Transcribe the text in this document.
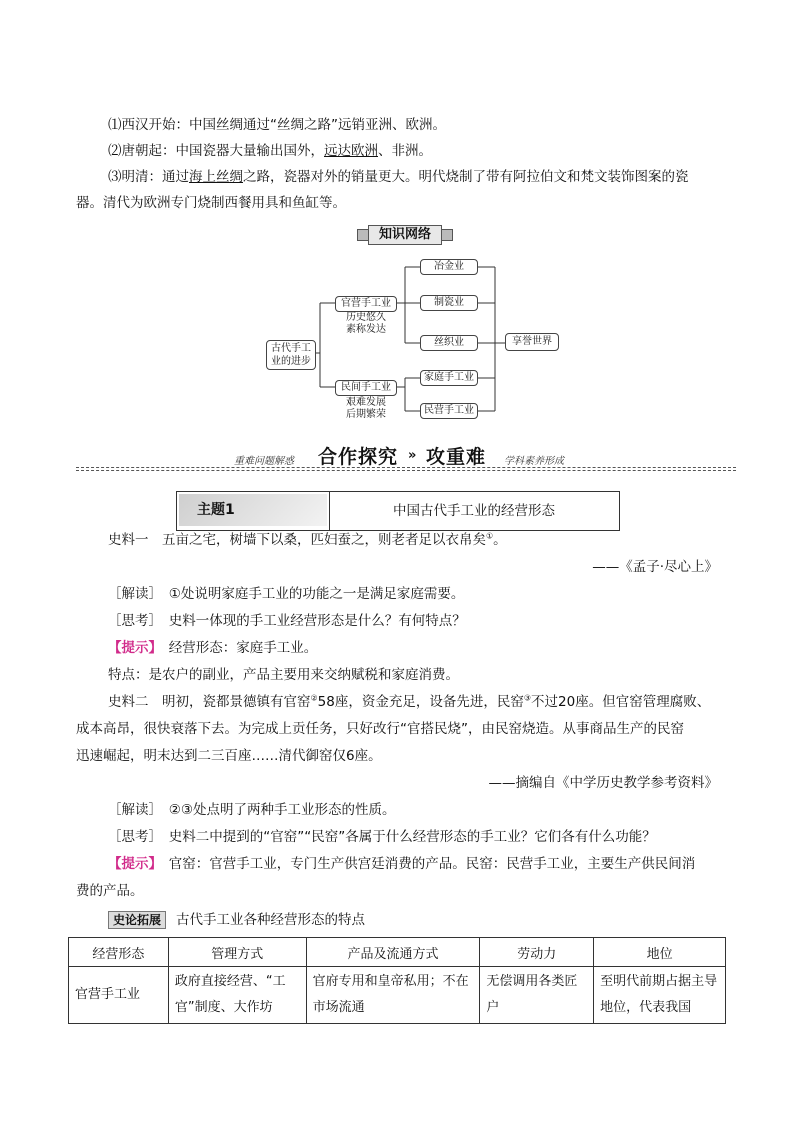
⑴西汉开始：中国丝绸通过“丝绸之路”远销亚洲、欧洲。
⑵唐朝起：中国瓷器大量输出国外，远达欧洲、非洲。
⑶明清：通过海上丝绸之路，瓷器对外的销量更大。明代烧制了带有阿拉伯文和梵文装饰图案的瓷
器。清代为欧洲专门烧制西餐用具和鱼缸等。
知识网络
古代手工业的进步
官营手工业
历史悠久
素称发达
民间手工业
艰难发展
后期繁荣
冶金业
制瓷业
丝织业
家庭手工业
民营手工业
享誉世界
重难问题解惑 合作探究 » 攻重难 学科素养形成
主题1	中国古代手工业的经营形态
史料一　五亩之宅，树墙下以桑，匹妇蚕之，则老者足以衣帛矣①。
——《孟子·尽心上》
［解读］　①处说明家庭手工业的功能之一是满足家庭需要。
［思考］　史料一体现的手工业经营形态是什么？有何特点？
【提示】　经营形态：家庭手工业。
特点：是农户的副业，产品主要用来交纳赋税和家庭消费。
史料二　明初，瓷都景德镇有官窑②58座，资金充足，设备先进，民窑③不过20座。但官窑管理腐败、
成本高昂，很快衰落下去。为完成上贡任务，只好改行“官搭民烧”，由民窑烧造。从事商品生产的民窑
迅速崛起，明末达到二三百座……清代御窑仅6座。
——摘编自《中学历史教学参考资料》
［解读］　②③处点明了两种手工业形态的性质。
［思考］　史料二中提到的“官窑”“民窑”各属于什么经营形态的手工业？它们各有什么功能？
【提示】　官窑：官营手工业，专门生产供宫廷消费的产品。民窑：民营手工业，主要生产供民间消
费的产品。
史论拓展 古代手工业各种经营形态的特点
经营形态	管理方式	产品及流通方式	劳动力	地位
官营手工业	政府直接经营、“工官”制度、大作坊	官府专用和皇帝私用；不在市场流通	无偿调用各类匠户	至明代前期占据主导地位，代表我国
